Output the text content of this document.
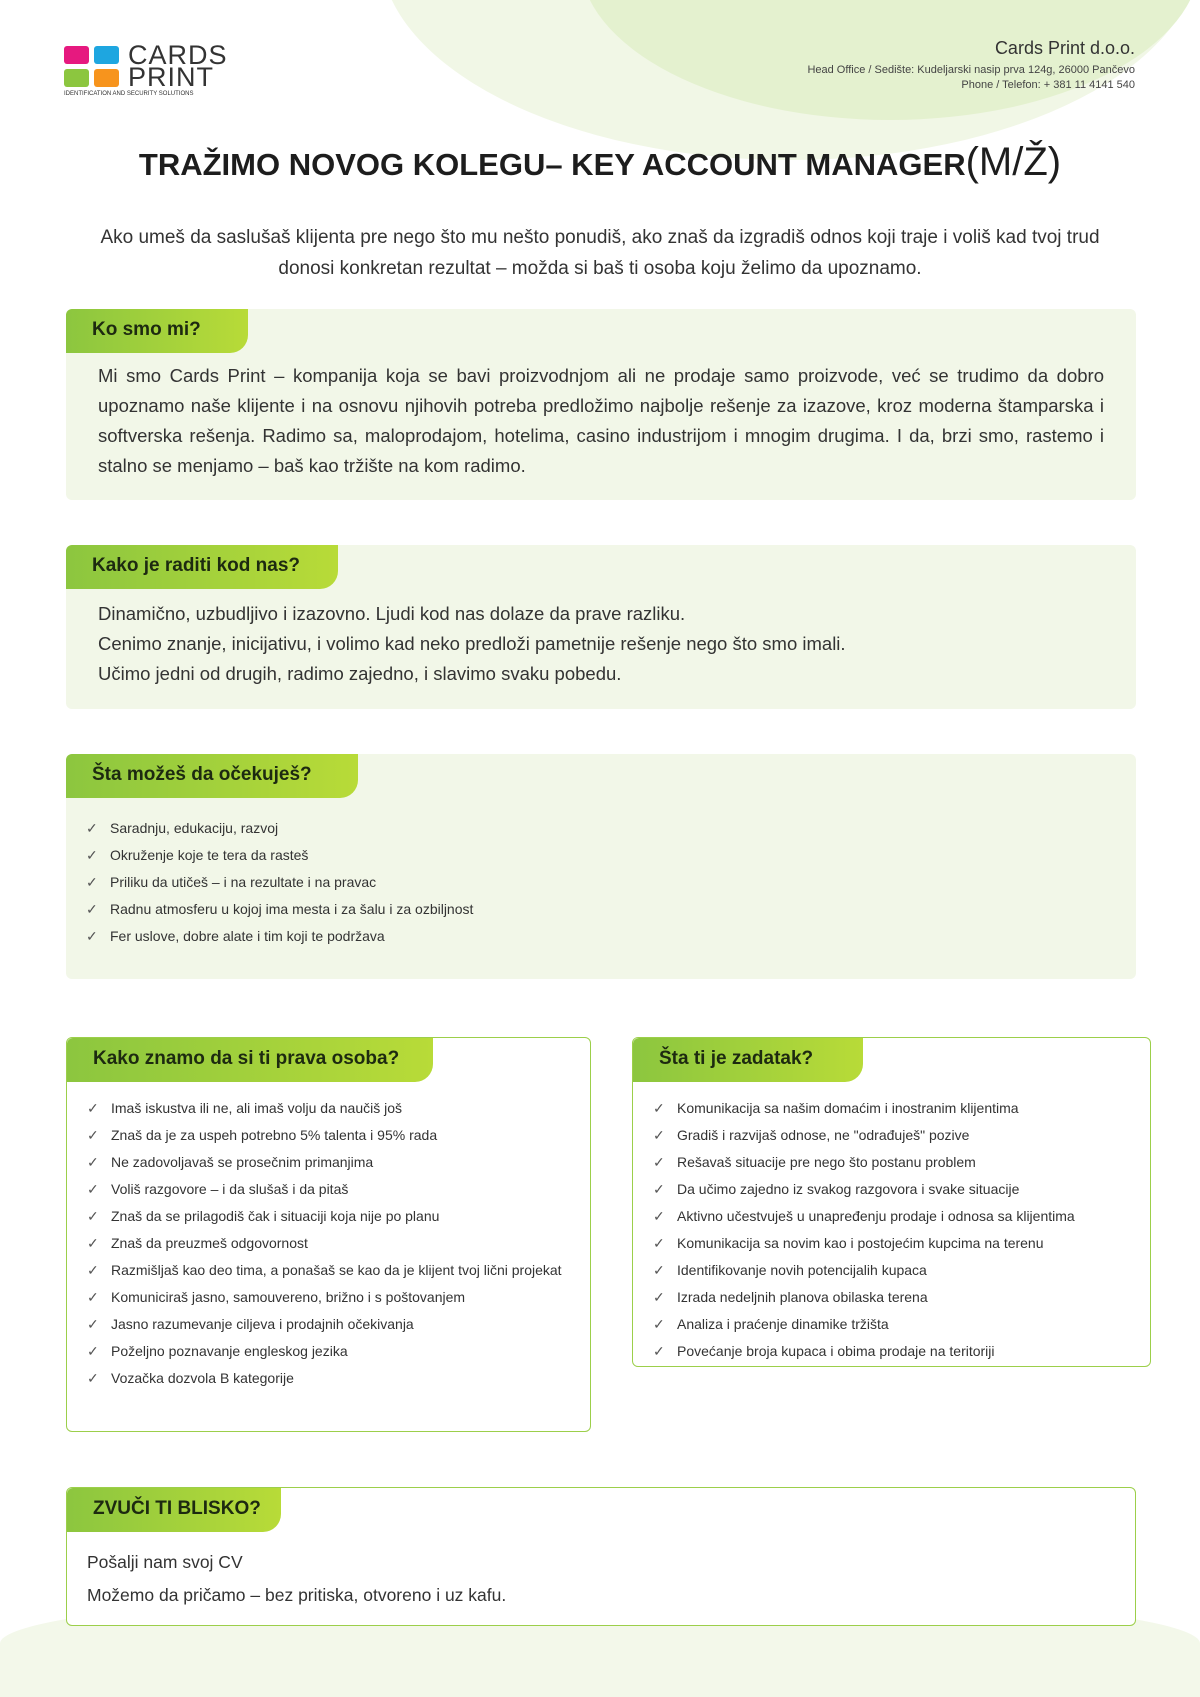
CARDS
PRINT
IDENTIFICATION AND SECURITY SOLUTIONS
Cards Print d.o.o.
Head Office / Sedište: Kudeljarski nasip prva 124g, 26000 Pančevo
Phone / Telefon: + 381 11 4141 540
TRAŽIMO NOVOG KOLEGU– KEY ACCOUNT MANAGER(M/Ž)

Ako umeš da saslušaš klijenta pre nego što mu nešto ponudiš, ako znaš da izgradiš odnos koji traje i voliš kad tvoj trud donosi konkretan rezultat – možda si baš ti osoba koju želimo da upoznamo.

Ko smo mi?

Mi smo Cards Print – kompanija koja se bavi proizvodnjom ali ne prodaje samo proizvode, već se trudimo da dobro upoznamo naše klijente i na osnovu njihovih potreba predložimo najbolje rešenje za izazove, kroz moderna štamparska i softverska rešenja. Radimo sa, maloprodajom, hotelima, casino industrijom i mnogim drugima. I da, brzi smo, rastemo i stalno se menjamo – baš kao tržište na kom radimo.

Kako je raditi kod nas?

Dinamično, uzbudljivo i izazovno. Ljudi kod nas dolaze da prave razliku.

Cenimo znanje, inicijativu, i volimo kad neko predloži pametnije rešenje nego što smo imali.

Učimo jedni od drugih, radimo zajedno, i slavimo svaku pobedu.

Šta možeš da očekuješ?
✓ Saradnju, edukaciju, razvoj
✓ Okruženje koje te tera da rasteš
✓ Priliku da utičeš – i na rezultate i na pravac
✓ Radnu atmosferu u kojoj ima mesta i za šalu i za ozbiljnost
✓ Fer uslove, dobre alate i tim koji te podržava
Kako znamo da si ti prava osoba?
✓ Imaš iskustva ili ne, ali imaš volju da naučiš još
✓ Znaš da je za uspeh potrebno 5% talenta i 95% rada
✓ Ne zadovoljavaš se prosečnim primanjima
✓ Voliš razgovore – i da slušaš i da pitaš
✓ Znaš da se prilagodiš čak i situaciji koja nije po planu
✓ Znaš da preuzmeš odgovornost
✓ Razmišljaš kao deo tima, a ponašaš se kao da je klijent tvoj lični projekat
✓ Komuniciraš jasno, samouvereno, brižno i s poštovanjem
✓ Jasno razumevanje ciljeva i prodajnih očekivanja
✓ Poželjno poznavanje engleskog jezika
✓ Vozačka dozvola B kategorije
Šta ti je zadatak?
✓ Komunikacija sa našim domaćim i inostranim klijentima
✓ Gradiš i razvijaš odnose, ne "odrađuješ" pozive
✓ Rešavaš situacije pre nego što postanu problem
✓ Da učimo zajedno iz svakog razgovora i svake situacije
✓ Aktivno učestvuješ u unapređenju prodaje i odnosa sa klijentima
✓ Komunikacija sa novim kao i postojećim kupcima na terenu
✓ Identifikovanje novih potencijalih kupaca
✓ Izrada nedeljnih planova obilaska terena
✓ Analiza i praćenje dinamike tržišta
✓ Povećanje broja kupaca i obima prodaje na teritoriji
ZVUČI TI BLISKO?

Pošalji nam svoj CV

Možemo da pričamo – bez pritiska, otvoreno i uz kafu.
